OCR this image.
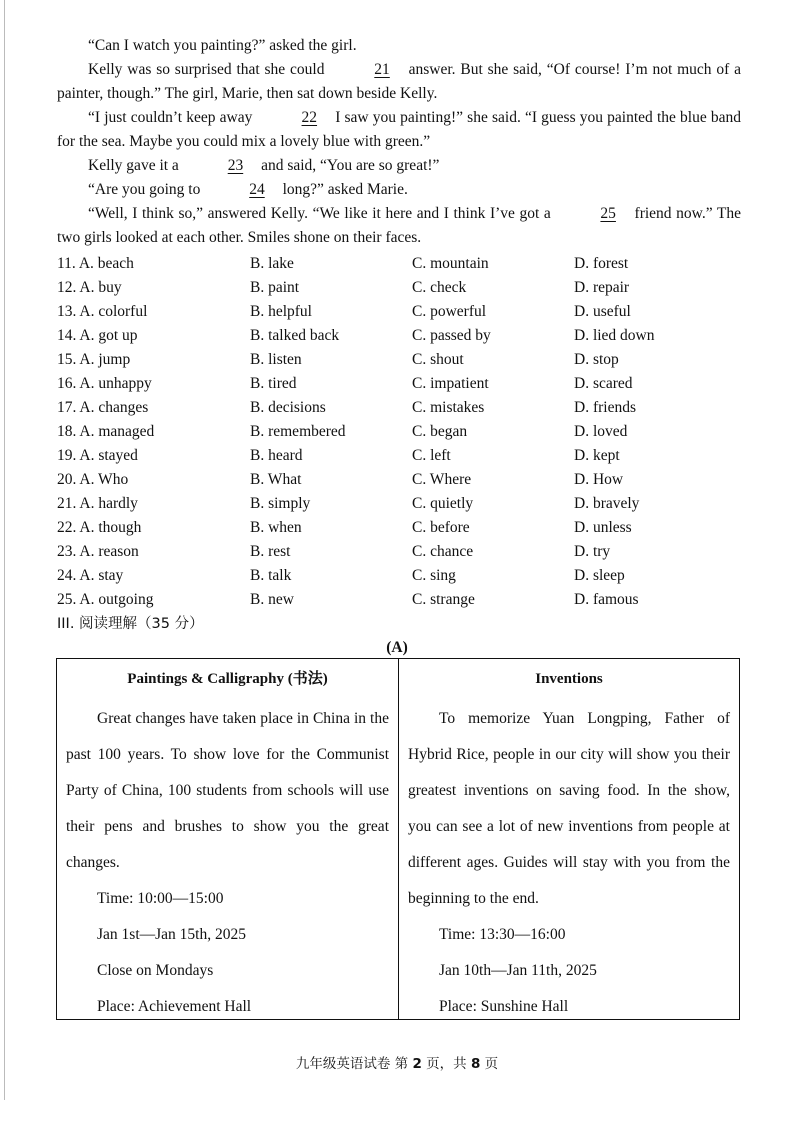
“Can I watch you painting?” asked the girl.
Kelly was so surprised that she could	21 answer. But she said, “Of course! I’m not much of a painter, though.” The girl, Marie, then sat down beside Kelly.
“I just couldn’t keep away	22 I saw you painting!” she said. “I guess you painted the blue band for the sea. Maybe you could mix a lovely blue with green.”
Kelly gave it a	23 and said, “You are so great!”
“Are you going to	24 long?” asked Marie.
“Well, I think so,” answered Kelly. “We like it here and I think I’ve got a	25 friend now.” The two girls looked at each other. Smiles shone on their faces.
11. A. beach	B. lake	C. mountain	D. forest
12. A. buy	B. paint	C. check	D. repair
13. A. colorful	B. helpful	C. powerful	D. useful
14. A. got up	B. talked back	C. passed by	D. lied down
15. A. jump	B. listen	C. shout	D. stop
16. A. unhappy	B. tired	C. impatient	D. scared
17. A. changes	B. decisions	C. mistakes	D. friends
18. A. managed	B. remembered	C. began	D. loved
19. A. stayed	B. heard	C. left	D. kept
20. A. Who	B. What	C. Where	D. How
21. A. hardly	B. simply	C. quietly	D. bravely
22. A. though	B. when	C. before	D. unless
23. A. reason	B. rest	C. chance	D. try
24. A. stay	B. talk	C. sing	D. sleep
25. A. outgoing	B. new	C. strange	D. famous
III. 阅读理解（35 分）
(A)
Paintings & Calligraphy (书法)
Great changes have taken place in China in the past 100 years. To show love for the Communist Party of China, 100 students from schools will use their pens and brushes to show you the great changes.
Time: 10:00—15:00
Jan 1st—Jan 15th, 2025
Close on Mondays
Place: Achievement Hall
Inventions
To memorize Yuan Longping, Father of Hybrid Rice, people in our city will show you their greatest inventions on saving food. In the show, you can see a lot of new inventions from people at different ages. Guides will stay with you from the beginning to the end.
Time: 13:30—16:00
Jan 10th—Jan 11th, 2025
Place: Sunshine Hall
九年级英语试卷 第 2 页，共 8 页
